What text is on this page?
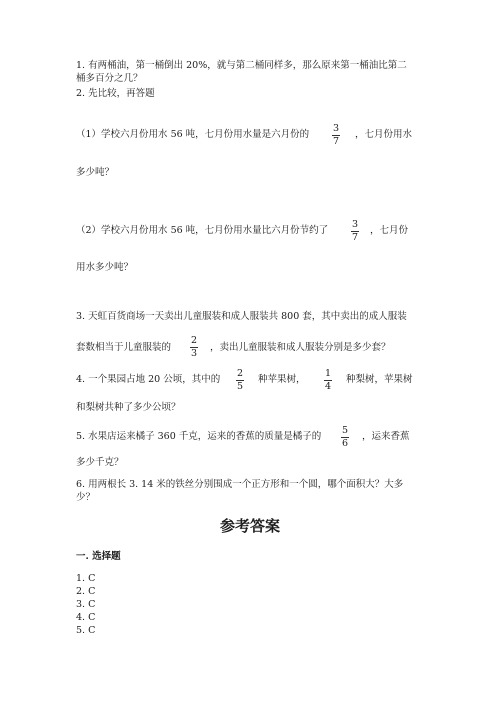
1. 有两桶油，第一桶倒出 20%，就与第二桶同样多，那么原来第一桶油比第二
桶多百分之几？
2. 先比较，再答题
（1）学校六月份用水 56 吨，七月份用水量是六月份的
3
7
，七月份用水
多少吨？
（2）学校六月份用水 56 吨，七月份用水量比六月份节约了
3
7
，七月份
用水多少吨？
3. 天虹百货商场一天卖出儿童服装和成人服装共 800 套，其中卖出的成人服装
套数相当于儿童服装的
2
3
，卖出儿童服装和成人服装分别是多少套？
4. 一个果园占地 20 公顷，其中的
2
5
种苹果树，
1
4
种梨树，苹果树
和梨树共种了多少公顷？
5. 水果店运来橘子 360 千克，运来的香蕉的质量是橘子的
5
6
，运来香蕉
多少千克？
6. 用两根长 3. 14 米的铁丝分别围成一个正方形和一个圆，哪个面积大？大多
少？
参考答案
一. 选择题
1. C
2. C
3. C
4. C
5. C
